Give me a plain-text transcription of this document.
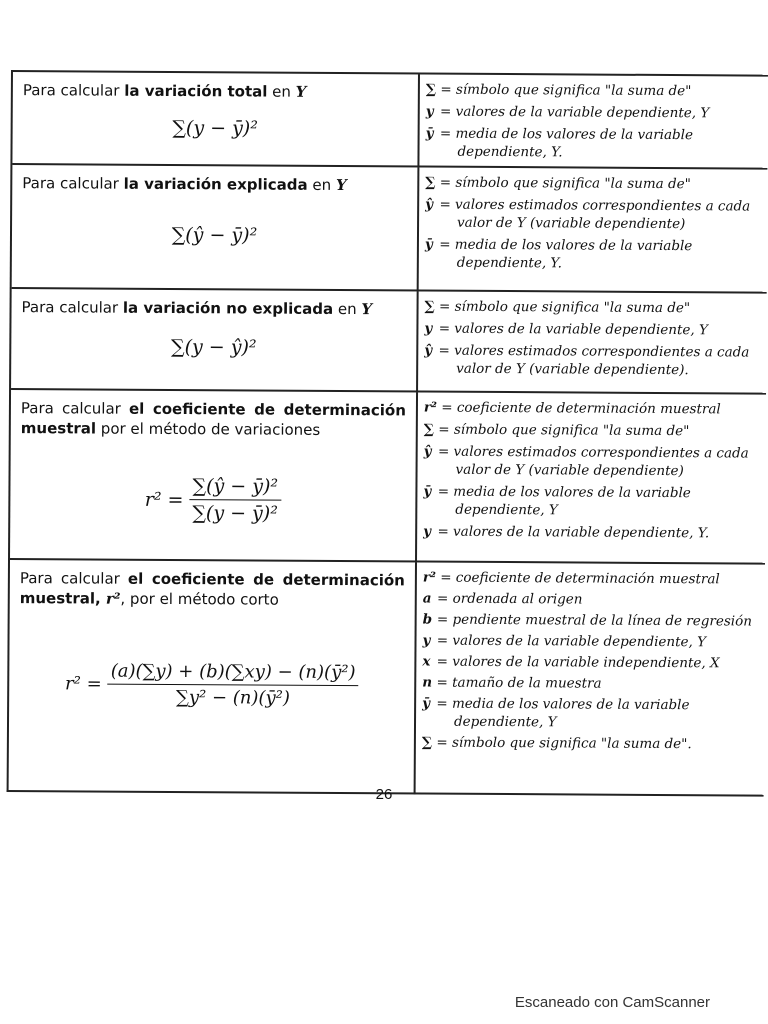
Para calcular la variación total en Y
∑(y − ȳ)²
∑ = símbolo que significa "la suma de"
y = valores de la variable dependiente, Y
ȳ = media de los valores de la variable
dependiente, Y.
Para calcular la variación explicada en Y
∑(ŷ − ȳ)²
∑ = símbolo que significa "la suma de"
ŷ = valores estimados correspondientes a cada
valor de Y (variable dependiente)
ȳ = media de los valores de la variable
dependiente, Y.
Para calcular la variación no explicada en Y
∑(y − ŷ)²
∑ = símbolo que significa "la suma de"
y = valores de la variable dependiente, Y
ŷ = valores estimados correspondientes a cada
valor de Y (variable dependiente).
Para calcular el coeficiente de determinación muestral por el método de variaciones
$r^2 = \frac{\text{∑(ŷ − ȳ)²}}{\text{∑(y − ȳ)²}}$
r² = coeficiente de determinación muestral
∑ = símbolo que significa "la suma de"
ŷ = valores estimados correspondientes a cada
valor de Y (variable dependiente)
ȳ = media de los valores de la variable
dependiente, Y
y = valores de la variable dependiente, Y.
Para calcular el coeficiente de determinación muestral, r², por el método corto
$r^2 = \frac{\text{(a)(∑y) + (b)(∑xy) − (n)(ȳ²)}}{\text{∑y² − (n)(ȳ²)}}$
r² = coeficiente de determinación muestral
a = ordenada al origen
b = pendiente muestral de la línea de regresión
y = valores de la variable dependiente, Y
x = valores de la variable independiente, X
n = tamaño de la muestra
ȳ = media de los valores de la variable
dependiente, Y
∑ = símbolo que significa "la suma de".
26
Escaneado con CamScanner
